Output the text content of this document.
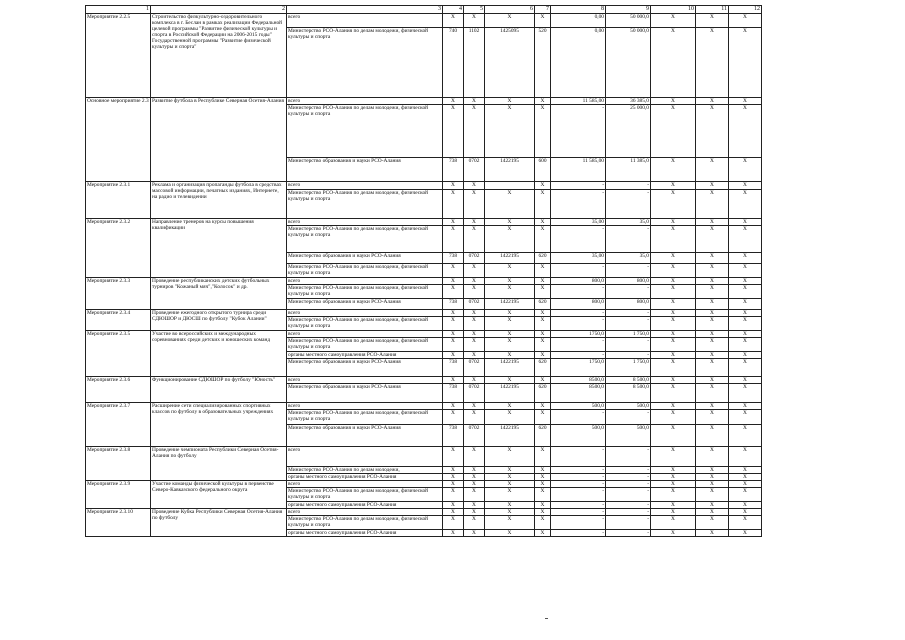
1	2	3	4	5	6	7	8	9	10	11	12
Мероприятие 2.2.5	Строительство физкультурно-оздоровительного комплекса в г. Беслан в рамках реализации Федеральной целевой программы "Развитие физической культуры и спорта в Российской Федерации на 2006-2015 годы" Государственной программы "Развитие физической культуры и спорта"	всего	X	X	X	X	0,00	50 000,0	X	X	X
		Министерство РСО-Алания по делам молодежи, физической культуры и спорта	740	1102	1425095	520	0,00	50 000,0	X	X	X
Основное мероприятие 2.3	Развитие футбола в Республике Северная Осетия-Алания	всего	X	X	X	X	11 585,00	36 385,0	X	X	X
		Министерство РСО-Алания по делам молодежи, физической культуры и спорта	X	X	X	X	-	25 000,0	X	X	X
		Министерство образования и науки РСО-Алания	738	0702	1422195	600	11 585,00	11 385,0	X	X	X
Мероприятие 2.3.1	Реклама и организация пропаганды футбола в средствах массовой информации, печатных изданиях, Интернете, на радио и телевидении	всего	X	X		X	-	-	X	X	X
		Министерство РСО-Алания по делам молодежи, физической культуры и спорта	X	X	X	X	-	-	X	X	X
Мероприятие 2.3.2	Направление тренеров на курсы повышения квалификации	всего	X	X	X	X	35,00	35,0	X	X	X
		Министерство РСО-Алания по делам молодежи, физической культуры и спорта	X	X	X	X	-	-	X	X	X
		Министерство образования и науки РСО-Алания	738	0702	1422195	620	35,00	35,0	X	X	X
		Министерство РСО-Алания по делам молодежи, физической культуры и спорта	X	X	X	X	-	-	X	X	X
Мероприятие 2.3.3	Проведение республиканских детских футбольных турниров "Кожаный мяч","Колосок" и др.	всего	X	X	X	X	800,0	800,0	X	X	X
		Министерство РСО-Алания по делам молодежи, физической культуры и спорта	X	X	X	X	-	-	X	X	X
		Министерство образования и науки РСО-Алания	738	0702	1422195	620	800,0	800,0	X	X	X
Мероприятие 2.3.4	Проведение ежегодного открытого турнира среди СДЮШОР и ДЮСШ по футболу "Кубок Алании"	всего	X	X	X	X	-	-	X	X	X
		Министерство РСО-Алания по делам молодежи, физической культуры и спорта	X	X	X	X	-	-	X	X	X
Мероприятие 2.3.5	Участие во всероссийских и международных соревнованиях среди детских и юношеских команд	всего	X	X	X	X	1750,0	1 750,0	X	X	X
		Министерство РСО-Алания по делам молодежи, физической культуры и спорта	X	X	X	X	-	-	X	X	X
		органы местного самоуправления РСО-Алания	X	X	X	X	-	-	X	X	X
		Министерство образования и науки РСО-Алания	738	0702	1422195	620	1750,0	1 750,0	X	X	X
Мероприятие 2.3.6	Функционирование СДЮШОР по футболу "Юность"	всего	X	X	X	X	8500,0	8 500,0	X	X	X
		Министерство образования и науки РСО-Алания	738	0702	1422195	620	8500,0	8 500,0	X	X	X
Мероприятие 2.3.7	Расширение сети специализированных спортивных классов по футболу в образовательных учреждениях	всего	X	X	X	X	500,0	500,0	X	X	X
		Министерство РСО-Алания по делам молодежи, физической культуры и спорта	X	X	X	X	-	-	X	X	X
		Министерство образования и науки РСО-Алания	738	0702	1422195	620	500,0	500,0	X	X	X
Мероприятие 2.3.8	Проведение чемпионата Республики Северная Осетия-Алания по футболу	всего	X	X	X	X	-	-	X	X	X
		Министерство РСО-Алания по делам молодежи,	X	X	X	X	-	-	X	X	X
		органы местного самоуправления РСО-Алания	X	X	X	X	-	-	X	X	X
Мероприятие 2.3.9	Участие команды физической культуры в первенстве Северо-Кавказского федерального округа	всего	X	X	X	X	-	-	X	X	X
		Министерство РСО-Алания по делам молодежи, физической культуры и спорта	X	X	X	X	-	-	X	X	X
		органы местного самоуправления РСО-Алания	X	X	X	X	-	-	X	X	X
Мероприятие 2.3.10	Проведение Кубка Республики Северная Осетия-Алания по футболу	всего	X	X	X	X	-	-	X	X	X
		Министерство РСО-Алания по делам молодежи, физической культуры и спорта	X	X	X	X	-	-	X	X	X
		органы местного самоуправления РСО-Алания	X	X	X	X	-	-	X	X	X
